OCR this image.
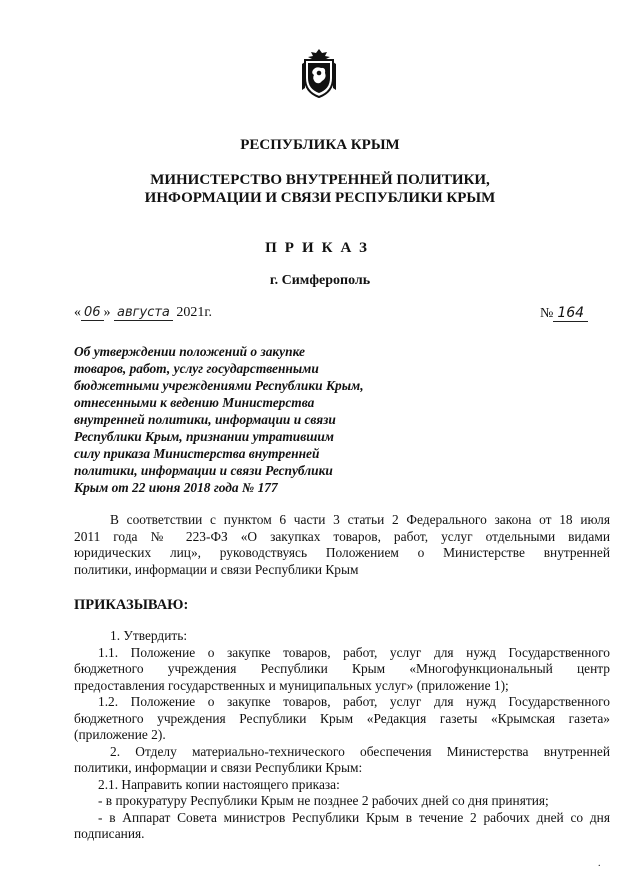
РЕСПУБЛИКА КРЫМ
МИНИСТЕРСТВО ВНУТРЕННЕЙ ПОЛИТИКИ,
ИНФОРМАЦИИ И СВЯЗИ РЕСПУБЛИКИ КРЫМ
ПРИКАЗ
г. Симферополь
« 06 » августа 2021г.	№ 164
Об утверждении положений о закупке
товаров, работ, услуг государственными
бюджетными учреждениями Республики Крым,
отнесенными к ведению Министерства
внутренней политики, информации и связи
Республики Крым, признании утратившим
силу приказа Министерства внутренней
политики, информации и связи Республики
Крым от 22 июня 2018 года № 177
В соответствии с пунктом 6 части 3 статьи 2 Федерального закона от 18 июля
2011 года № 223-ФЗ «О закупках товаров, работ, услуг отдельными видами
юридических лиц», руководствуясь Положением о Министерстве внутренней
политики, информации и связи Республики Крым
ПРИКАЗЫВАЮ:
1. Утвердить:
1.1. Положение о закупке товаров, работ, услуг для нужд Государственного
бюджетного учреждения Республики Крым «Многофункциональный центр
предоставления государственных и муниципальных услуг» (приложение 1);
1.2. Положение о закупке товаров, работ, услуг для нужд Государственного
бюджетного учреждения Республики Крым «Редакция газеты «Крымская газета»
(приложение 2).
2. Отделу материально-технического обеспечения Министерства внутренней
политики, информации и связи Республики Крым:
2.1. Направить копии настоящего приказа:
- в прокуратуру Республики Крым не позднее 2 рабочих дней со дня принятия;
- в Аппарат Совета министров Республики Крым в течение 2 рабочих дней со дня
подписания.
.
